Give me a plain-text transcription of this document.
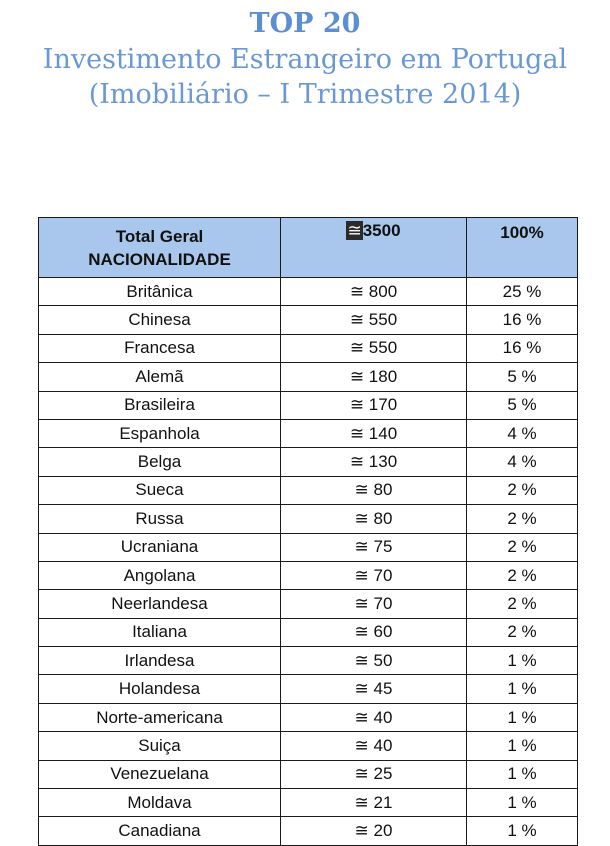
TOP 20
Investimento Estrangeiro em Portugal
(Imobiliário – I Trimestre 2014)
Total Geral
NACIONALIDADE	≅3500	100%
Britânica	≅ 800	25 %
Chinesa	≅ 550	16 %
Francesa	≅ 550	16 %
Alemã	≅ 180	5 %
Brasileira	≅ 170	5 %
Espanhola	≅ 140	4 %
Belga	≅ 130	4 %
Sueca	≅ 80	2 %
Russa	≅ 80	2 %
Ucraniana	≅ 75	2 %
Angolana	≅ 70	2 %
Neerlandesa	≅ 70	2 %
Italiana	≅ 60	2 %
Irlandesa	≅ 50	1 %
Holandesa	≅ 45	1 %
Norte-americana	≅ 40	1 %
Suiça	≅ 40	1 %
Venezuelana	≅ 25	1 %
Moldava	≅ 21	1 %
Canadiana	≅ 20	1 %
